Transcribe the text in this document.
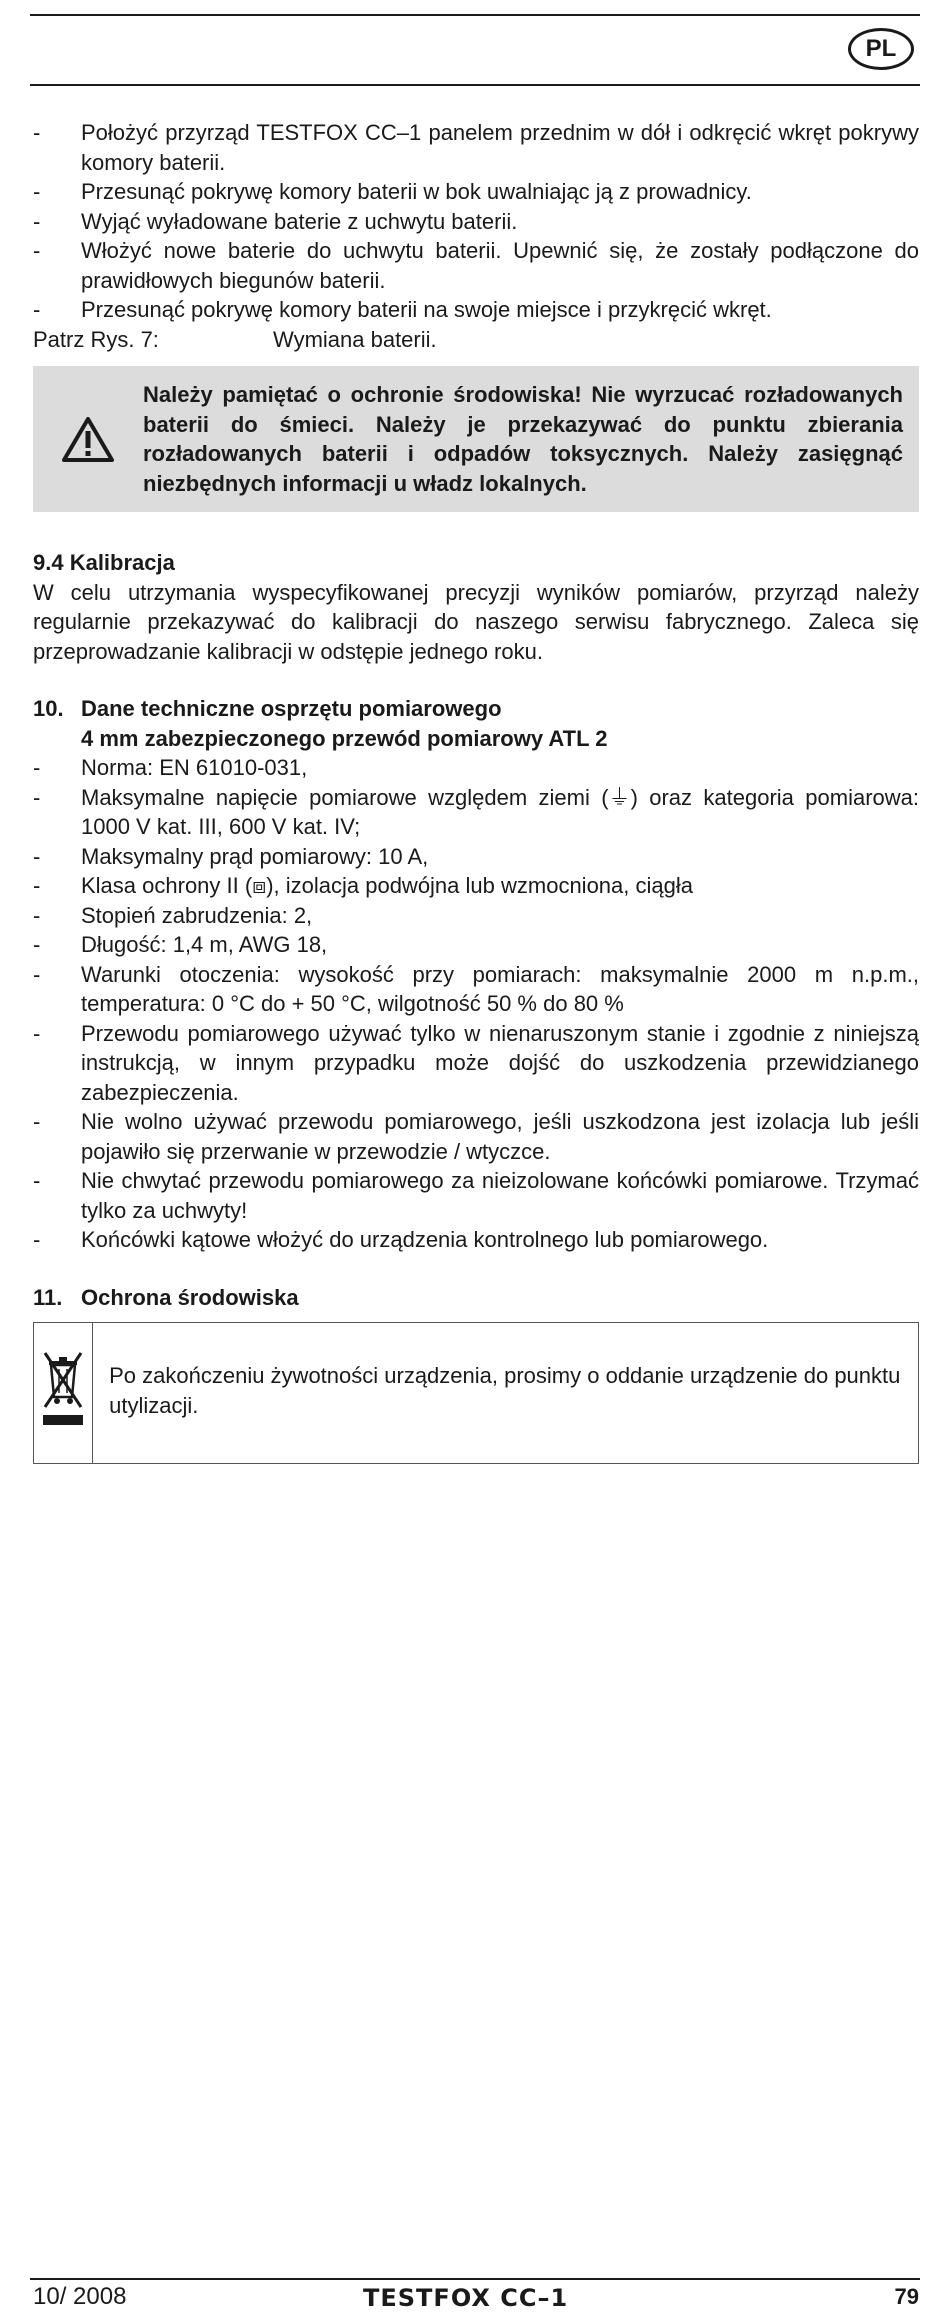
PL
-	Położyć przyrząd TESTFOX CC–1 panelem przednim w dół i odkręcić wkręt pokrywy komory baterii.
-	Przesunąć pokrywę komory baterii w bok uwalniając ją z prowadnicy.
-	Wyjąć wyładowane baterie z uchwytu baterii.
-	Włożyć nowe baterie do uchwytu baterii. Upewnić się, że zostały podłączone do prawidłowych biegunów baterii.
-	Przesunąć pokrywę komory baterii na swoje miejsce i przykręcić wkręt.
Patrz Rys. 7:	Wymiana baterii.
Należy pamiętać o ochronie środowiska! Nie wyrzucać rozładowanych baterii do śmieci. Należy je przekazywać do punktu zbierania rozładowanych baterii i odpadów toksycznych. Należy zasięgnąć niezbędnych informacji u władz lokalnych.
9.4 Kalibracja
W celu utrzymania wyspecyfikowanej precyzji wyników pomiarów, przyrząd należy regularnie przekazywać do kalibracji do naszego serwisu fabrycznego. Zaleca się przeprowadzanie kalibracji w odstępie jednego roku.
10. Dane techniczne osprzętu pomiarowego
4 mm zabezpieczonego przewód pomiarowy ATL 2
-	Norma: EN 61010-031,
-	Maksymalne napięcie pomiarowe względem ziemi (⏚) oraz kategoria pomiarowa: 1000 V kat. III, 600 V kat. IV;
-	Maksymalny prąd pomiarowy: 10 A,
-	Klasa ochrony II (⧈), izolacja podwójna lub wzmocniona, ciągła
-	Stopień zabrudzenia: 2,
-	Długość: 1,4 m, AWG 18,
-	Warunki otoczenia: wysokość przy pomiarach: maksymalnie 2000 m n.p.m., temperatura: 0 °C do + 50 °C, wilgotność 50 % do 80 %
-	Przewodu pomiarowego używać tylko w nienaruszonym stanie i zgodnie z niniejszą instrukcją, w innym przypadku może dojść do uszkodzenia przewidzianego zabezpieczenia.
-	Nie wolno używać przewodu pomiarowego, jeśli uszkodzona jest izolacja lub jeśli pojawiło się przerwanie w przewodzie / wtyczce.
-	Nie chwytać przewodu pomiarowego za nieizolowane końcówki pomiarowe. Trzymać tylko za uchwyty!
-	Końcówki kątowe włożyć do urządzenia kontrolnego lub pomiarowego.
11. Ochrona środowiska
Po zakończeniu żywotności urządzenia, prosimy o oddanie urządzenie do punktu utylizacji.
10/ 2008	TESTFOX CC–1	79
